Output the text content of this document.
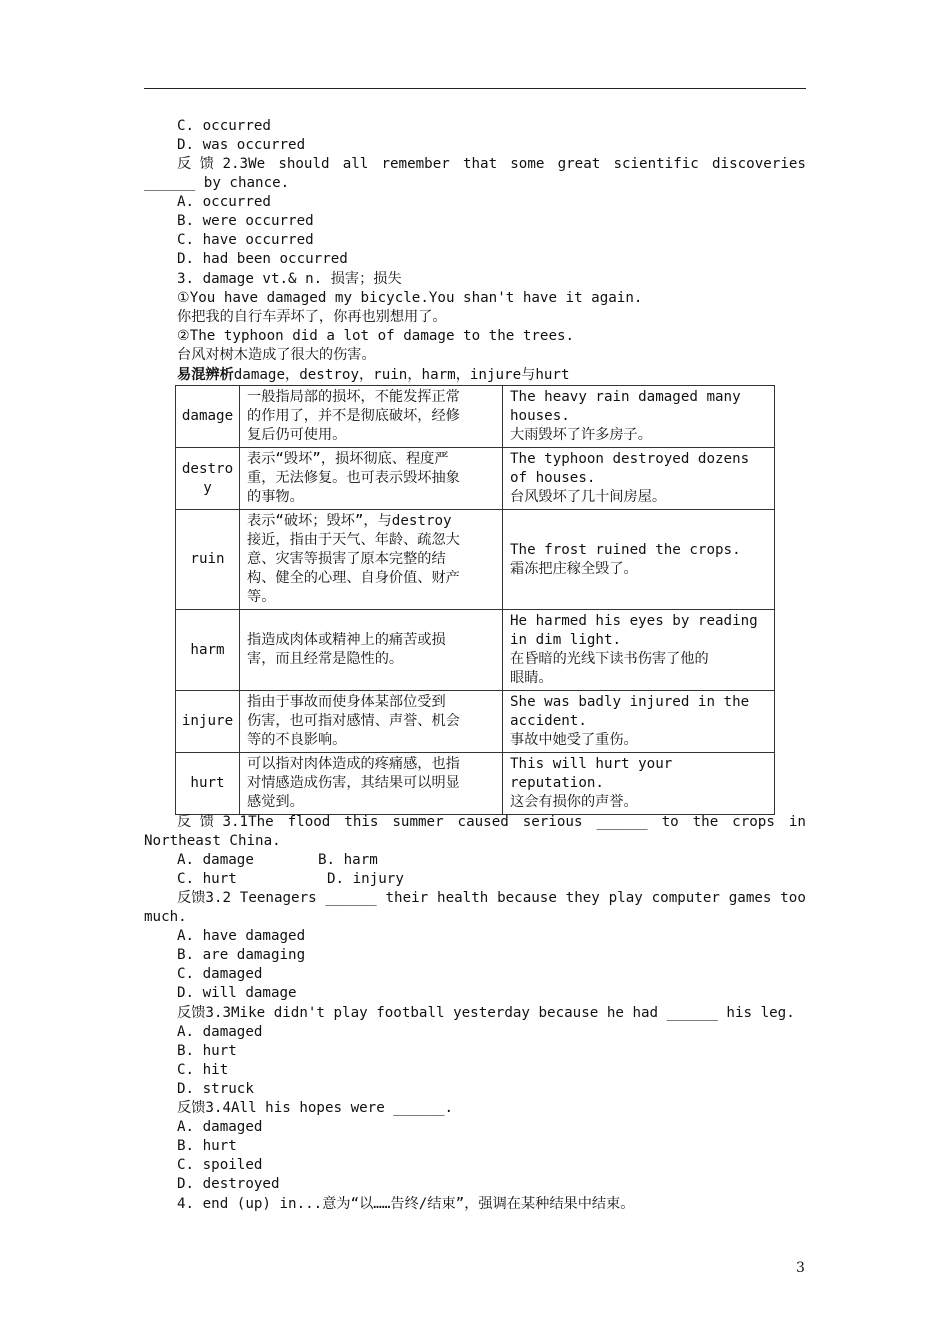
C. occurred
D. was occurred
反 馈 2.3We should all remember that some great scientific discoveries
______ by chance.
A. occurred
B. were occurred
C. have occurred
D. had been occurred
3. damage vt.& n. 损害；损失
①You have damaged my bicycle.You shan't have it again.
你把我的自行车弄坏了，你再也别想用了。
②The typhoon did a lot of damage to the trees.
台风对树木造成了很大的伤害。
易混辨析damage，destroy，ruin，harm，injure与hurt
damage	一般指局部的损坏，不能发挥正常
的作用了，并不是彻底破坏，经修
复后仍可使用。	The heavy rain damaged many
houses.
大雨毁坏了许多房子。

destroy	表示“毁坏”，损坏彻底、程度严
重，无法修复。也可表示毁坏抽象
的事物。	The typhoon destroyed dozens
of houses.
台风毁坏了几十间房屋。

ruin	表示“破坏；毁坏”，与destroy
接近，指由于天气、年龄、疏忽大
意、灾害等损害了原本完整的结
构、健全的心理、自身价值、财产
等。	The frost ruined the crops.
霜冻把庄稼全毁了。

harm	指造成肉体或精神上的痛苦或损
害，而且经常是隐性的。	He harmed his eyes by reading
in dim light.
在昏暗的光线下读书伤害了他的
眼睛。

injure	指由于事故而使身体某部位受到
伤害，也可指对感情、声誉、机会
等的不良影响。	She was badly injured in the
accident.
事故中她受了重伤。

hurt	可以指对肉体造成的疼痛感，也指
对情感造成伤害，其结果可以明显
感觉到。	This will hurt your
reputation.
这会有损你的声誉。
反 馈 3.1The flood this summer caused serious ______ to the crops in
Northeast China.
A. damage	B. harm
C. hurt	D. injury
反馈3.2 Teenagers ______ their health because they play computer games too
much.
A. have damaged
B. are damaging
C. damaged
D. will damage
反馈3.3Mike didn't play football yesterday because he had ______ his leg.
A. damaged
B. hurt
C. hit
D. struck
反馈3.4All his hopes were ______.
A. damaged
B. hurt
C. spoiled
D. destroyed
4. end (up) in...意为“以……告终/结束”，强调在某种结果中结束。
3
